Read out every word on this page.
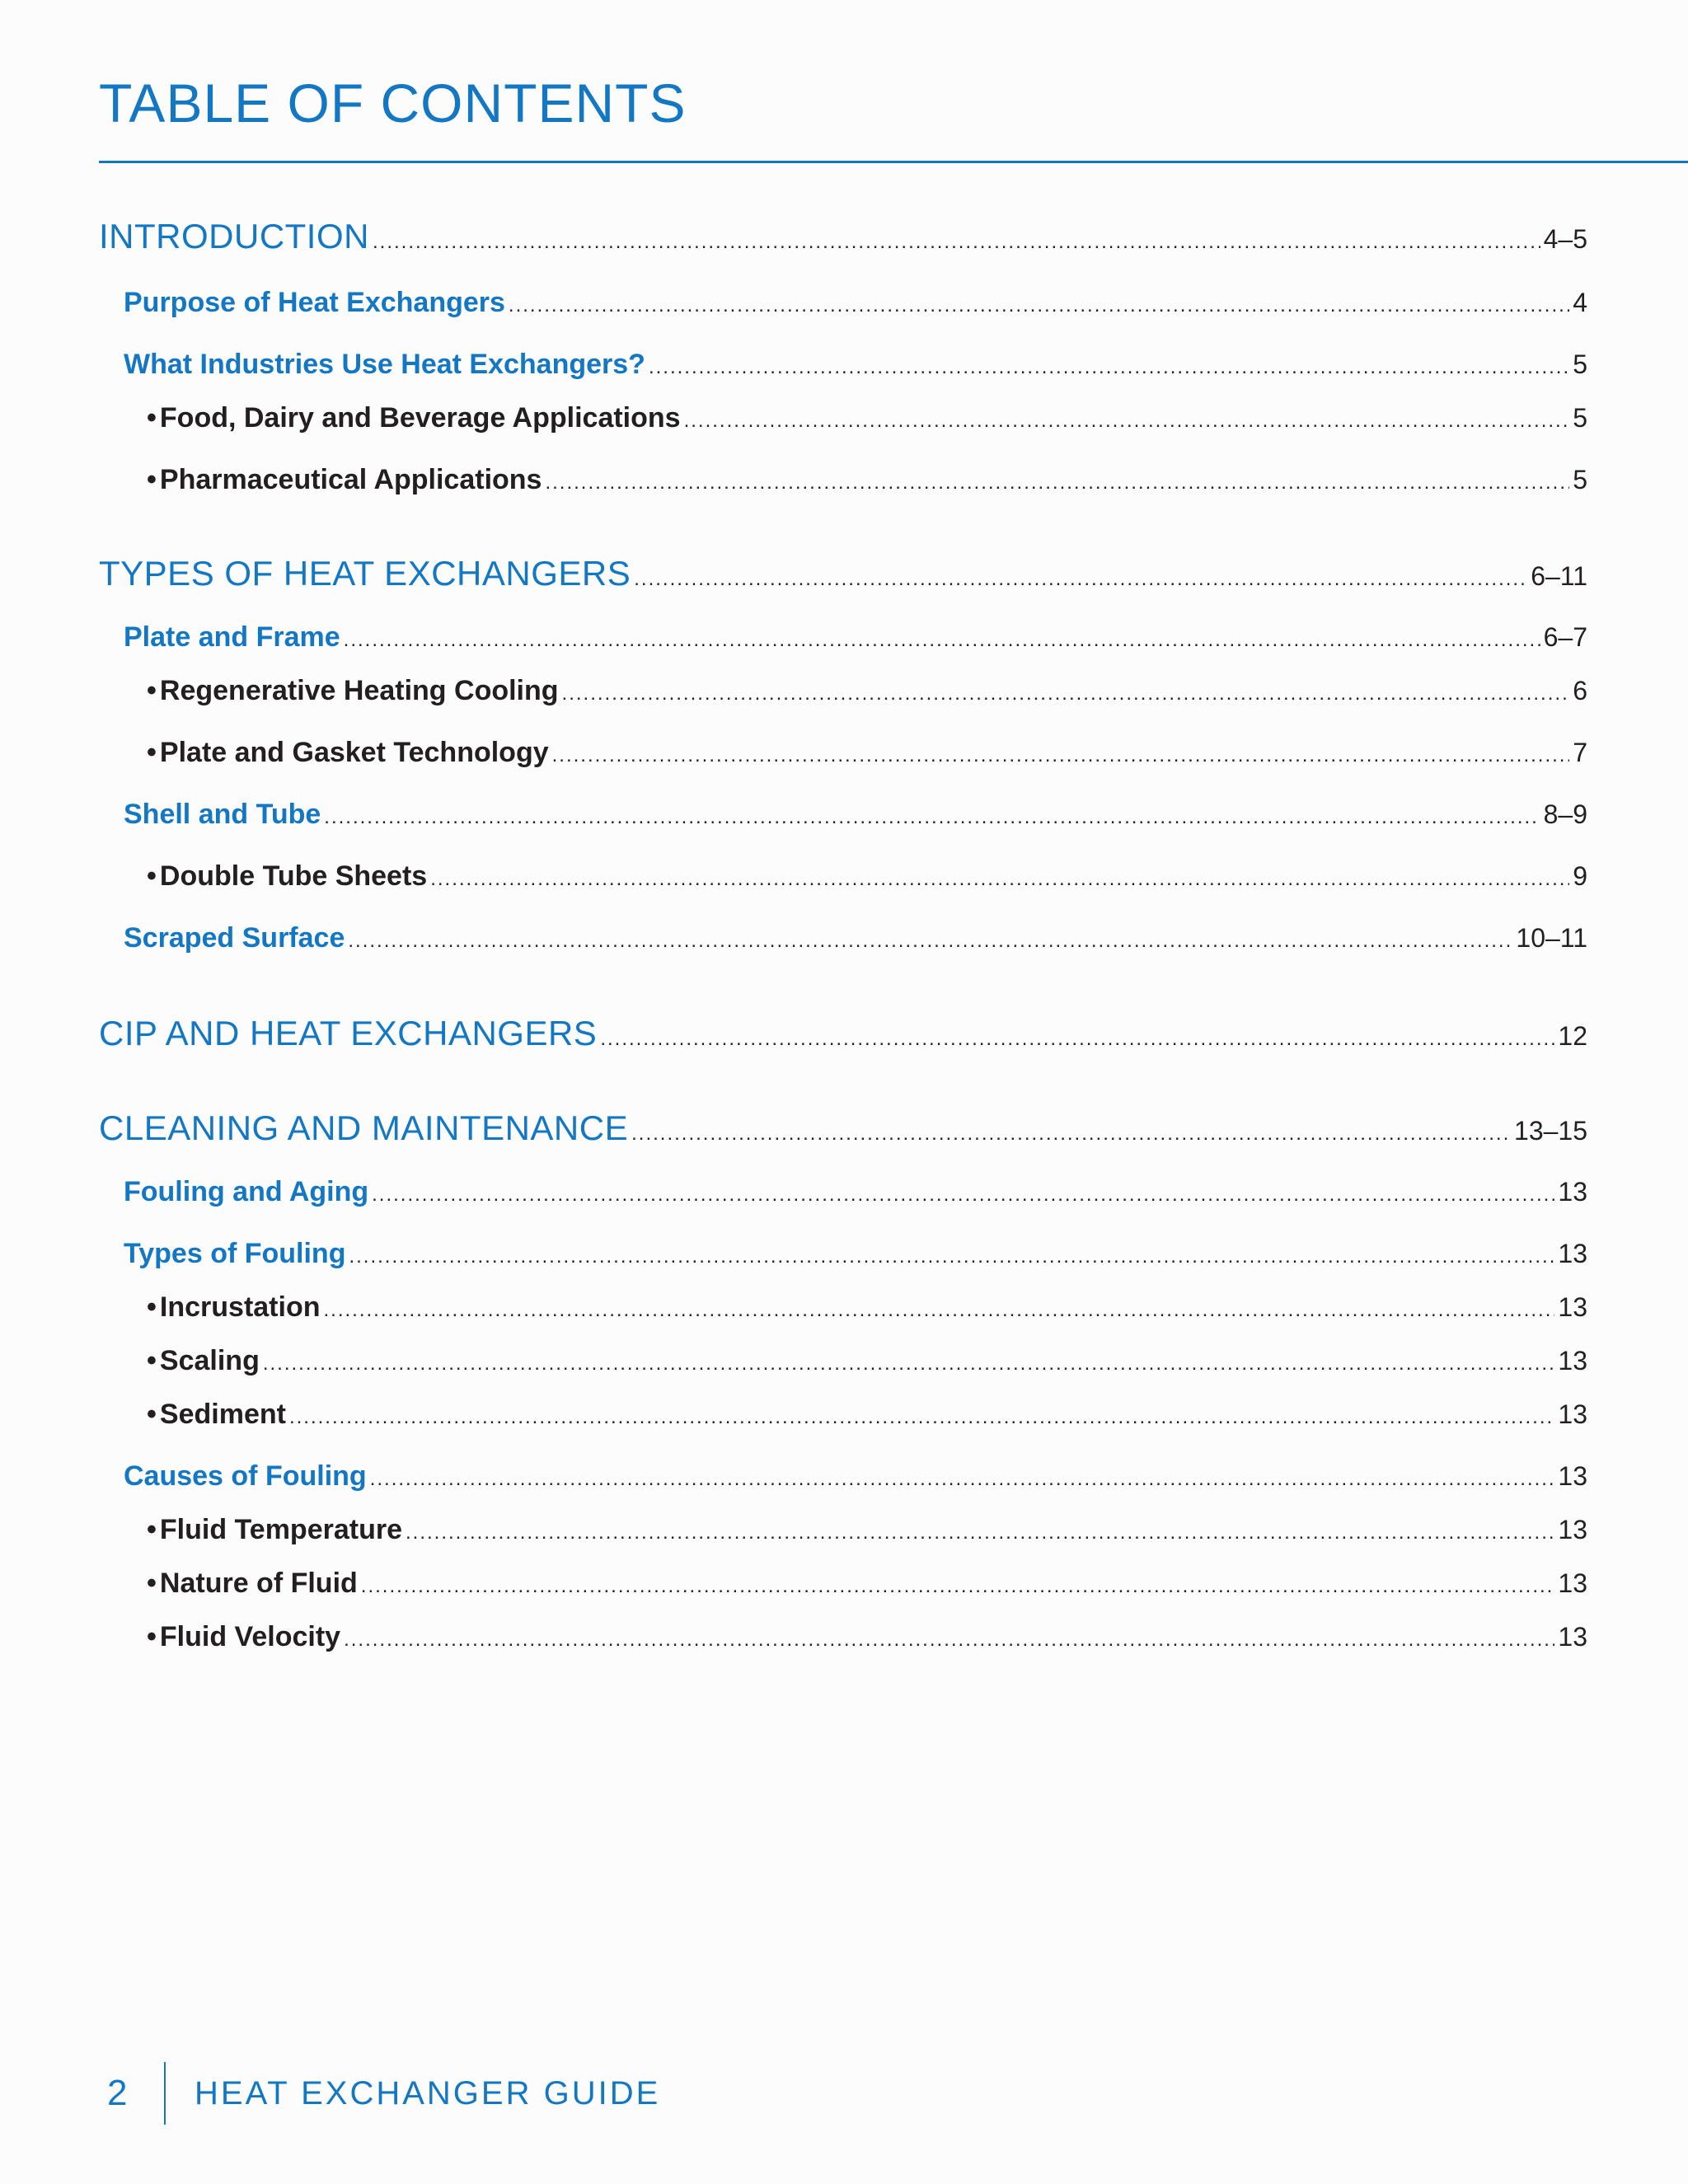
TABLE OF CONTENTS
INTRODUCTION .....	4–5
Purpose of Heat Exchangers .....	4
What Industries Use Heat Exchangers? .....	5
• Food, Dairy and Beverage Applications .....	5
• Pharmaceutical Applications .....	5
TYPES OF HEAT EXCHANGERS .....	6–11
Plate and Frame .....	6–7
• Regenerative Heating Cooling .....	6
• Plate and Gasket Technology .....	7
Shell and Tube .....	8–9
• Double Tube Sheets .....	9
Scraped Surface .....	10–11
CIP AND HEAT EXCHANGERS .....	12
CLEANING AND MAINTENANCE .....	13–15
Fouling and Aging .....	13
Types of Fouling .....	13
• Incrustation .....	13
• Scaling .....	13
• Sediment .....	13
Causes of Fouling .....	13
• Fluid Temperature .....	13
• Nature of Fluid .....	13
• Fluid Velocity .....	13
2 HEAT EXCHANGER GUIDE
